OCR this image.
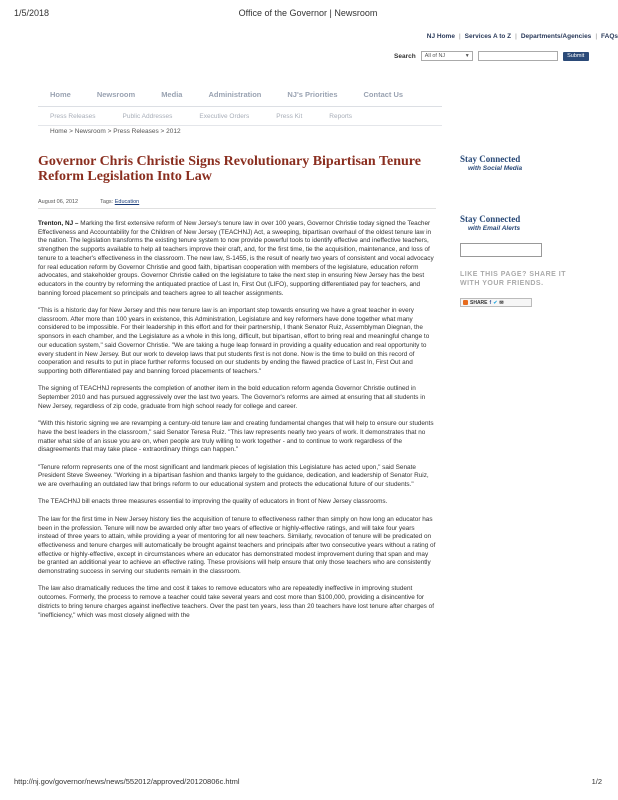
1/5/2018	Office of the Governor | Newsroom
NJ Home | Services A to Z | Departments/Agencies | FAQs
Search	All of NJ	▼	Submit
Home	Newsroom	Media	Administration	NJ's Priorities	Contact Us
Press Releases	Public Addresses	Executive Orders	Press Kit	Reports
Home > Newsroom > Press Releases > 2012
Governor Chris Christie Signs Revolutionary Bipartisan Tenure Reform Legislation Into Law
August 06, 2012	Tags: Education

Trenton, NJ – Marking the first extensive reform of New Jersey's tenure law in over 100 years, Governor Christie today signed the Teacher Effectiveness and Accountability for the Children of New Jersey (TEACHNJ) Act, a sweeping, bipartisan overhaul of the oldest tenure law in the nation. The legislation transforms the existing tenure system to now provide powerful tools to identify effective and ineffective teachers, strengthen the supports available to help all teachers improve their craft, and, for the first time, tie the acquisition, maintenance, and loss of tenure to a teacher's effectiveness in the classroom. The new law, S-1455, is the result of nearly two years of consistent and vocal advocacy for real education reform by Governor Christie and good faith, bipartisan cooperation with members of the legislature, education reform advocates, and stakeholder groups. Governor Christie called on the legislature to take the next step in ensuring New Jersey has the best educators in the country by reforming the antiquated practice of Last In, First Out (LIFO), supporting differentiated pay for teachers, and banning forced placement so principals and teachers agree to all teacher assignments.

"This is a historic day for New Jersey and this new tenure law is an important step towards ensuring we have a great teacher in every classroom. After more than 100 years in existence, this Administration, Legislature and key reformers have done together what many considered to be impossible. For their leadership in this effort and for their partnership, I thank Senator Ruiz, Assemblyman Diegnan, the sponsors in each chamber, and the Legislature as a whole in this long, difficult, but bipartisan, effort to bring real and meaningful change to our education system," said Governor Christie. "We are taking a huge leap forward in providing a quality education and real opportunity to every student in New Jersey. But our work to develop laws that put students first is not done. Now is the time to build on this record of cooperation and results to put in place further reforms focused on our students by ending the flawed practice of Last In, First Out and supporting both differentiated pay and banning forced placements of teachers."

The signing of TEACHNJ represents the completion of another item in the bold education reform agenda Governor Christie outlined in September 2010 and has pursued aggressively over the last two years. The Governor's reforms are aimed at ensuring that all students in New Jersey, regardless of zip code, graduate from high school ready for college and career.

"With this historic signing we are revamping a century-old tenure law and creating fundamental changes that will help to ensure our students have the best leaders in the classroom," said Senator Teresa Ruiz. "This law represents nearly two years of work. It demonstrates that no matter what side of an issue you are on, when people are truly willing to work together - and to continue to work regardless of the disagreements that may take place - extraordinary things can happen."

"Tenure reform represents one of the most significant and landmark pieces of legislation this Legislature has acted upon," said Senate President Steve Sweeney. "Working in a bipartisan fashion and thanks largely to the guidance, dedication, and leadership of Senator Ruiz, we are overhauling an outdated law that brings reform to our educational system and protects the educational future of our students."

The TEACHNJ bill enacts three measures essential to improving the quality of educators in front of New Jersey classrooms.

The law for the first time in New Jersey history ties the acquisition of tenure to effectiveness rather than simply on how long an educator has been in the profession. Tenure will now be awarded only after two years of effective or highly-effective ratings, and will take four years instead of three years to attain, while providing a year of mentoring for all new teachers. Similarly, revocation of tenure will be predicated on effectiveness and tenure charges will automatically be brought against teachers and principals after two consecutive years without a rating of effective or highly-effective, except in circumstances where an educator has demonstrated modest improvement during that span and may be granted an additional year to achieve an effective rating. These provisions will help ensure that only those teachers who are consistently demonstrating success in serving our students remain in the classroom.

The law also dramatically reduces the time and cost it takes to remove educators who are repeatedly ineffective in improving student outcomes. Formerly, the process to remove a teacher could take several years and cost more than $100,000, providing a disincentive for districts to bring tenure charges against ineffective teachers. Over the past ten years, less than 20 teachers have lost tenure after charges of "inefficiency," which was most closely aligned with the

Stay Connected
with Social Media
Stay Connected
with Email Alerts
LIKE THIS PAGE? SHARE IT WITH YOUR FRIENDS.
SHARE f ✔ ✉
http://nj.gov/governor/news/news/552012/approved/20120806c.html	1/2
